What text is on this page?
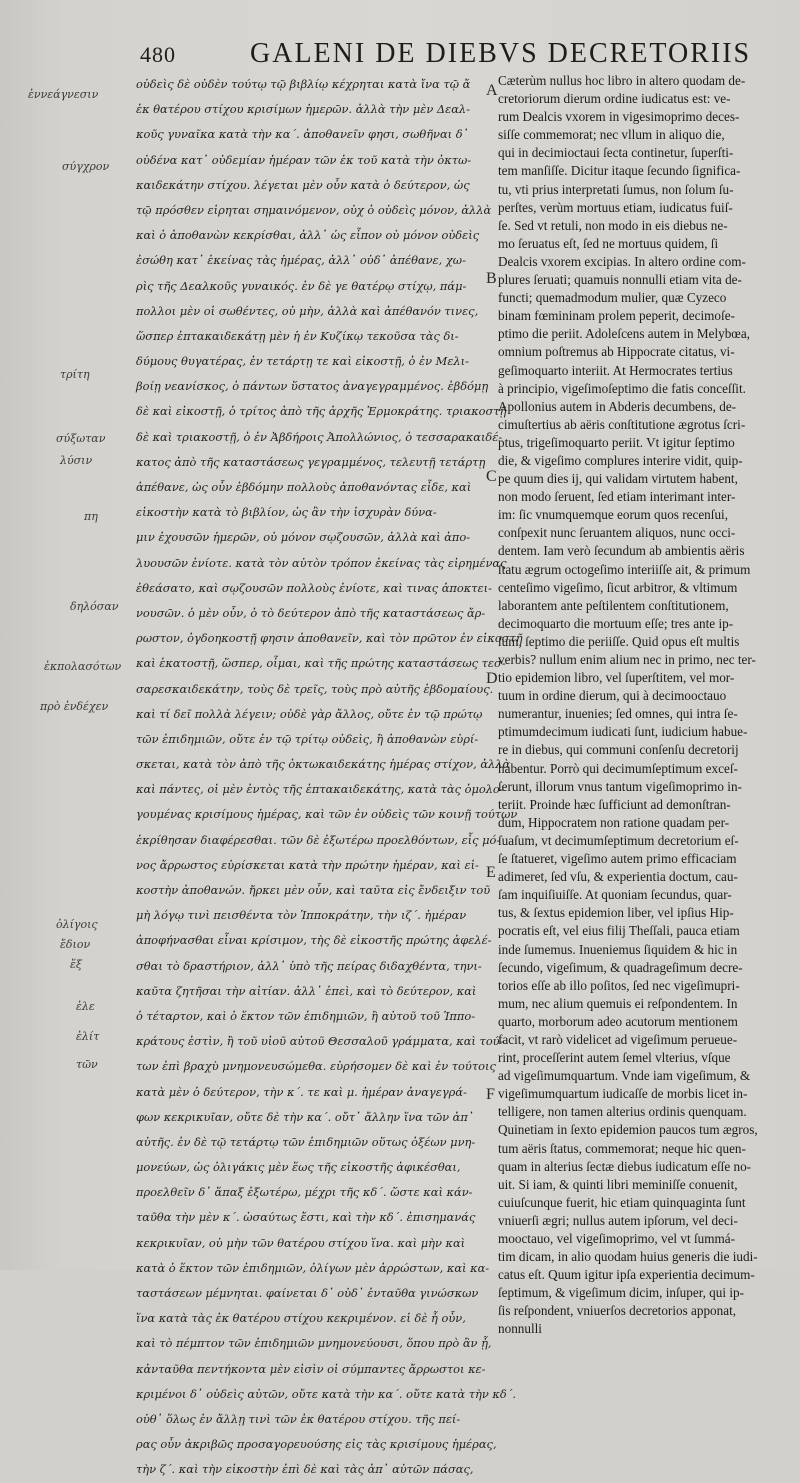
480	GALENI DE DIEBVS DECRETORIIS
ἐννεάγνεσιν
σύγχρον
τρίτη
σύξωταν
λύσιν
πη
δηλόσαν
ἐκπολασότων
πρὸ ἐνδέχεν
ὀλίγοις
ἔδιον
ἕξ
ἐλε
ἐλίτ
τῶν
οὐδεὶς δὲ οὐδὲν τούτῳ τῷ βιβλίῳ κέχρηται κατὰ ἴνα τῷ ἄ
ἐκ θατέρου στίχου κρισίμων ἡμερῶν. ἀλλὰ τὴν μὲν Δεαλ-
κοῦς γυναῖκα κατὰ τὴν κα΄. ἀποθανεῖν φησι, σωθῆναι δ᾽
οὐδένα κατ᾽ οὐδεμίαν ἡμέραν τῶν ἐκ τοῦ κατὰ τὴν ὀκτω-
καιδεκάτην στίχου. λέγεται μὲν οὖν κατὰ ὁ δεύτερον, ὡς
τῷ πρόσθεν εἰρηται σημαινόμενον, οὐχ ὁ οὐδεὶς μόνον, ἀλλὰ
καὶ ὁ ἀποθανὼν κεκρίσθαι, ἀλλ᾽ ὡς εἶπον οὐ μόνον οὐδεὶς
ἐσώθη κατ᾽ ἐκείνας τὰς ἡμέρας, ἀλλ᾽ οὐδ᾽ ἀπέθανε, χω-
ρὶς τῆς Δεαλκοῦς γυναικός. ἐν δὲ γε θατέρῳ στίχῳ, πάμ-
πολλοι μὲν οἱ σωθέντες, οὐ μὴν, ἀλλὰ καὶ ἀπέθανόν τινες,
ὥσπερ ἑπτακαιδεκάτῃ μὲν ἡ ἐν Κυζίκῳ τεκοῦσα τὰς δι-
δύμους θυγατέρας, ἐν τετάρτῃ τε καὶ εἰκοστῇ, ὁ ἐν Μελι-
βοίῃ νεανίσκος, ὁ πάντων ὕστατος ἀναγεγραμμένος. ἑβδόμῃ
δὲ καὶ εἰκοστῇ, ὁ τρίτος ἀπὸ τῆς ἀρχῆς Ἑρμοκράτης. τριακοστῇ
δὲ καὶ τριακοστῇ, ὁ ἐν Ἀβδήροις Ἀπολλώνιος, ὁ τεσσαρακαιδέ-
κατος ἀπὸ τῆς καταστάσεως γεγραμμένος, τελευτῇ τετάρτῃ
ἀπέθανε, ὡς οὖν ἑβδόμην πολλοὺς ἀποθανόντας εἶδε, καὶ
εἰκοστὴν κατὰ τὸ βιβλίον, ὡς ἂν τὴν ἰσχυρὰν δύνα-
μιν ἐχουσῶν ἡμερῶν, οὐ μόνον σῳζουσῶν, ἀλλὰ καὶ ἀπο-
λυουσῶν ἐνίοτε. κατὰ τὸν αὐτὸν τρόπον ἐκείνας τὰς εἰρημένας
ἐθεάσατο, καὶ σῳζουσῶν πολλοὺς ἐνίοτε, καὶ τινας ἀποκτει-
νουσῶν. ὁ μὲν οὖν, ὁ τὸ δεύτερον ἀπὸ τῆς καταστάσεως ἄρ-
ρωστον, ὀγδοηκοστῇ φησιν ἀποθανεῖν, καὶ τὸν πρῶτον ἐν εἰκοστῇ
καὶ ἑκατοστῇ, ὥσπερ, οἶμαι, καὶ τῆς πρώτης καταστάσεως τεσ-
σαρεσκαιδεκάτην, τοὺς δὲ τρεῖς, τοὺς πρὸ αὐτῆς ἑβδομαίους.
καὶ τί δεῖ πολλὰ λέγειν; οὐδὲ γὰρ ἄλλος, οὔτε ἐν τῷ πρώτῳ
τῶν ἐπιδημιῶν, οὔτε ἐν τῷ τρίτῳ οὐδεὶς, ἢ ἀποθανὼν εὑρί-
σκεται, κατὰ τὸν ἀπὸ τῆς ὀκτωκαιδεκάτης ἡμέρας στίχον, ἀλλὰ
καὶ πάντες, οἱ μὲν ἐντὸς τῆς ἑπτακαιδεκάτης, κατὰ τὰς ὁμολο-
γουμένας κρισίμους ἡμέρας, καὶ τῶν ἐν οὐδεὶς τῶν κοινῇ τούτων
ἐκρίθησαν διαφέρεσθαι. τῶν δὲ ἐξωτέρω προελθόντων, εἷς μό-
νος ἄρρωστος εὑρίσκεται κατὰ τὴν πρώτην ἡμέραν, καὶ εἰ-
κοστὴν ἀποθανών. ἤρκει μὲν οὖν, καὶ ταῦτα εἰς ἔνδειξιν τοῦ
μὴ λόγῳ τινὶ πεισθέντα τὸν Ἱπποκράτην, τὴν ιζ΄. ἡμέραν
ἀποφήνασθαι εἶναι κρίσιμον, τὴς δὲ εἰκοστῆς πρώτης ἀφελέ-
σθαι τὸ δραστήριον, ἀλλ᾽ ὑπὸ τῆς πείρας διδαχθέντα, τηνι-
καῦτα ζητῆσαι τὴν αἰτίαν. ἀλλ᾽ ἐπεὶ, καὶ τὸ δεύτερον, καὶ
ὁ τέταρτον, καὶ ὁ ἕκτον τῶν ἐπιδημιῶν, ἢ αὐτοῦ τοῦ Ἱππο-
κράτους ἐστὶν, ἢ τοῦ υἱοῦ αὐτοῦ Θεσσαλοῦ γράμματα, καὶ τού-
των ἐπὶ βραχὺ μνημονευσώμεθα. εὑρήσομεν δὲ καὶ ἐν τούτοις
κατὰ μὲν ὁ δεύτερον, τὴν κ΄. τε καὶ μ. ἡμέραν ἀναγεγρά-
φων κεκρικυῖαν, οὔτε δὲ τὴν κα΄. οὔτ᾽ ἄλλην ἵνα τῶν ἀπ᾽
αὐτῆς. ἐν δὲ τῷ τετάρτῳ τῶν ἐπιδημιῶν οὕτως ὀξέων μνη-
μονεύων, ὡς ὀλιγάκις μὲν ἕως τῆς εἰκοστῆς ἀφικέσθαι,
προελθεῖν δ᾽ ἅπαξ ἐξωτέρω, μέχρι τῆς κδ΄. ὥστε καὶ κάν-
ταῦθα τὴν μὲν κ΄. ὡσαύτως ἔστι, καὶ τὴν κδ΄. ἐπισημανάς
κεκρικυῖαν, οὐ μὴν τῶν θατέρου στίχου ἵνα. καὶ μὴν καὶ
κατὰ ὁ ἕκτον τῶν ἐπιδημιῶν, ὀλίγων μὲν ἀρρώστων, καὶ κα-
ταστάσεων μέμνηται. φαίνεται δ᾽ οὐδ᾽ ἐνταῦθα γινώσκων
ἵνα κατὰ τὰς ἐκ θατέρου στίχου κεκριμένον. εἰ δὲ ἦ οὖν,
καὶ τὸ πέμπτον τῶν ἐπιδημιῶν μνημονεύουσι, ὅπου πρὸ ἂν ᾖ,
κἀνταῦθα πεντήκοντα μὲν εἰσὶν οἱ σύμπαντες ἄρρωστοι κε-
κριμένοι δ᾽ οὐδεὶς αὐτῶν, οὔτε κατὰ τὴν κα΄. οὔτε κατὰ τὴν κδ΄.
οὐθ᾽ ὅλως ἐν ἄλλῃ τινὶ τῶν ἐκ θατέρου στίχου. τῆς πεί-
ρας οὖν ἀκριβῶς προσαγορευούσης εἰς τὰς κρισίμους ἡμέρας,
τὴν ζ΄. καὶ τὴν εἰκοστὴν ἐπὶ δὲ καὶ τὰς ἀπ᾽ αὐτῶν πάσας,
A
B
C
D
E
F
Cæterùm nullus hoc libro in altero quodam de-
cretoriorum dierum ordine iudicatus est: ve-
rum Dealcis vxorem in vigesimoprimo deces-
siſſe commemorat; nec vllum in aliquo die,
qui in decimioctaui ſecta continetur, ſuperſti-
tem manſiſſe. Dicitur itaque ſecundo ſignifica-
tu, vti prius interpretati ſumus, non ſolum ſu-
perſtes, verùm mortuus etiam, iudicatus fuiſ-
ſe. Sed vt retuli, non modo in eis diebus ne-
mo ſeruatus eſt, ſed ne mortuus quidem, ſi
Dealcis vxorem excipias. In altero ordine com-
plures ſeruati; quamuis nonnulli etiam vita de-
functi; quemadmodum mulier, quæ Cyzeco
binam fœmininam prolem peperit, decimoſe-
ptimo die periit. Adoleſcens autem in Melybœa,
omnium poſtremus ab Hippocrate citatus, vi-
geſimoquarto interiit. At Hermocrates tertius
à principio, vigeſimoſeptimo die fatis conceſſit.
Apollonius autem in Abderis decumbens, de-
cimuſtertius ab aëris conſtitutione ægrotus ſcri-
ptus, trigeſimoquarto periit. Vt igitur ſeptimo
die, & vigeſimo complures interire vidit, quip-
pe quum dies ij, qui validam virtutem habent,
non modo ſeruent, ſed etiam interimant inter-
im: ſic vnumquemque eorum quos recenſui,
conſpexit nunc ſeruantem aliquos, nunc occi-
dentem. Iam verò ſecundum ab ambientis aëris
ſtatu ægrum octogeſimo interiiſſe ait, & primum
centeſimo vigeſimo, ſicut arbitror, & vltimum
laborantem ante peſtilentem conſtitutionem,
decimoquarto die mortuum eſſe; tres ante ip-
ſum, ſeptimo die periiſſe. Quid opus eſt multis
verbis? nullum enim alium nec in primo, nec ter-
tio epidemion libro, vel ſuperſtitem, vel mor-
tuum in ordine dierum, qui à decimooctauo
numerantur, inuenies; ſed omnes, qui intra ſe-
ptimumdecimum iudicati ſunt, iudicium habue-
re in diebus, qui communi conſenſu decretorij
habentur. Porrò qui decimumſeptimum exceſ-
ſerunt, illorum vnus tantum vigeſimoprimo in-
teriit. Proinde hæc ſufficiunt ad demonſtran-
dum, Hippocratem non ratione quadam per-
ſuaſum, vt decimumſeptimum decretorium eſ-
ſe ſtatueret, vigeſimo autem primo efficaciam
adimeret, ſed vſu, & experientia doctum, cau-
ſam inquiſiuiſſe. At quoniam ſecundus, quar-
tus, & ſextus epidemion liber, vel ipſius Hip-
pocratis eſt, vel eius filij Theſſali, pauca etiam
inde ſumemus. Inueniemus ſiquidem & hic in
ſecundo, vigeſimum, & quadrageſimum decre-
torios eſſe ab illo poſitos, ſed nec vigeſimupri-
mum, nec alium quemuis ei reſpondentem. In
quarto, morborum adeo acutorum mentionem
facit, vt rarò videlicet ad vigeſimum perueue-
rint, proceſſerint autem ſemel vlterius, vſque
ad vigeſimumquartum. Vnde iam vigeſimum, &
vigeſimumquartum iudicaſſe de morbis licet in-
telligere, non tamen alterius ordinis quenquam.
Quinetiam in ſexto epidemion paucos tum ægros,
tum aëris ſtatus, commemorat; neque hic quen-
quam in alterius ſectæ diebus iudicatum eſſe no-
uit. Si iam, & quinti libri meminiſſe conuenit,
cuiuſcunque fuerit, hic etiam quinquaginta ſunt
vniuerſi ægri; nullus autem ipſorum, vel deci-
mooctauo, vel vigeſimoprimo, vel vt ſummá-
tim dicam, in alio quodam huius generis die iudi-
catus eſt. Quum igitur ipſa experientia decimum-
ſeptimum, & vigeſimum dicim, inſuper, qui ip-
ſis reſpondent, vniuerſos decretorios apponat,
nonnulli
